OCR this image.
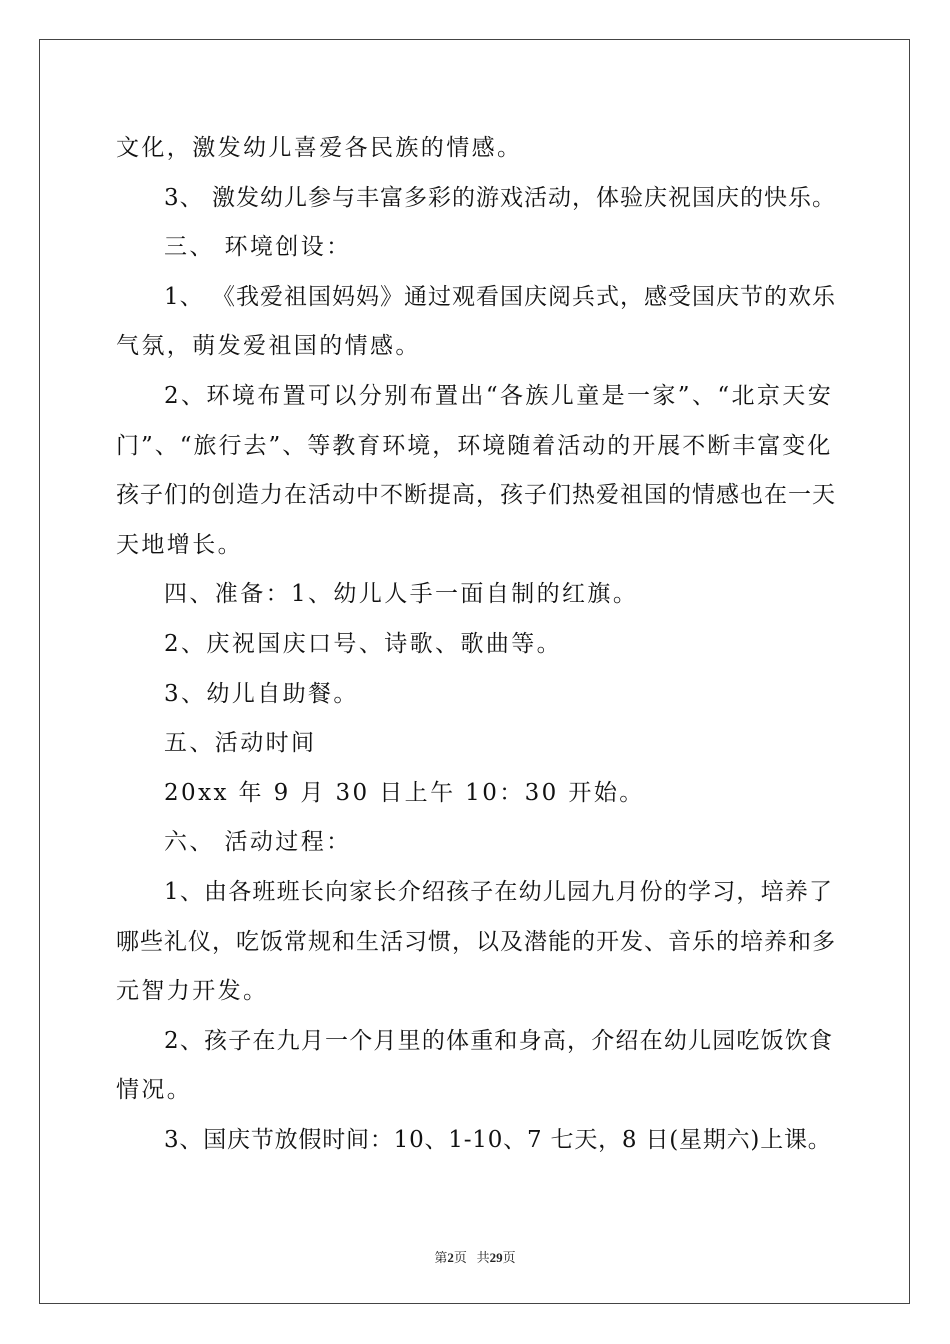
文化，激发幼儿喜爱各民族的情感。
3、 激发幼儿参与丰富多彩的游戏活动，体验庆祝国庆的快乐。
三、 环境创设：
1、 《我爱祖国妈妈》通过观看国庆阅兵式，感受国庆节的欢乐
气氛，萌发爱祖国的情感。
2、环境布置可以分别布置出“各族儿童是一家”、“北京天安
门”、“旅行去”、等教育环境，环境随着活动的开展不断丰富变化
孩子们的创造力在活动中不断提高，孩子们热爱祖国的情感也在一天
天地增长。
四、准备：1、幼儿人手一面自制的红旗。
2、庆祝国庆口号、诗歌、歌曲等。
3、幼儿自助餐。
五、活动时间
20xx 年 9 月 30 日上午 10：30 开始。
六、 活动过程：
1、由各班班长向家长介绍孩子在幼儿园九月份的学习，培养了
哪些礼仪，吃饭常规和生活习惯，以及潜能的开发、音乐的培养和多
元智力开发。
2、孩子在九月一个月里的体重和身高，介绍在幼儿园吃饭饮食
情况。
3、国庆节放假时间：10、1-10、7 七天，8 日(星期六)上课。
第2页 共29页
